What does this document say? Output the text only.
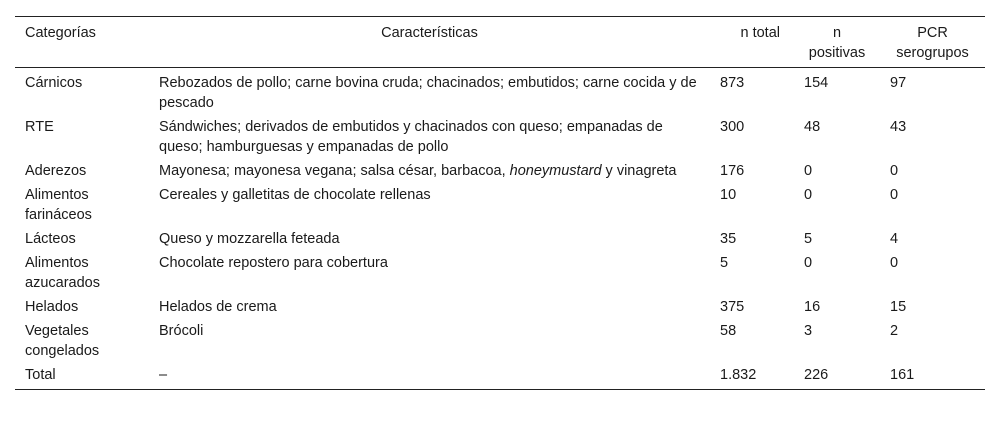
Categorías	Características	n total	n positivas	PCR serogrupos
Cárnicos	Rebozados de pollo; carne bovina cruda; chacinados; embutidos; carne cocida y de pescado	873	154	97
RTE	Sándwiches; derivados de embutidos y chacinados con queso; empanadas de queso; hamburguesas y empanadas de pollo	300	48	43
Aderezos	Mayonesa; mayonesa vegana; salsa césar, barbacoa, honeymustard y vinagreta	176	0	0
Alimentos farináceos	Cereales y galletitas de chocolate rellenas	10	0	0
Lácteos	Queso y mozzarella feteada	35	5	4
Alimentos azucarados	Chocolate repostero para cobertura	5	0	0
Helados	Helados de crema	375	16	15
Vegetales congelados	Brócoli	58	3	2
Total	–	1.832	226	161
